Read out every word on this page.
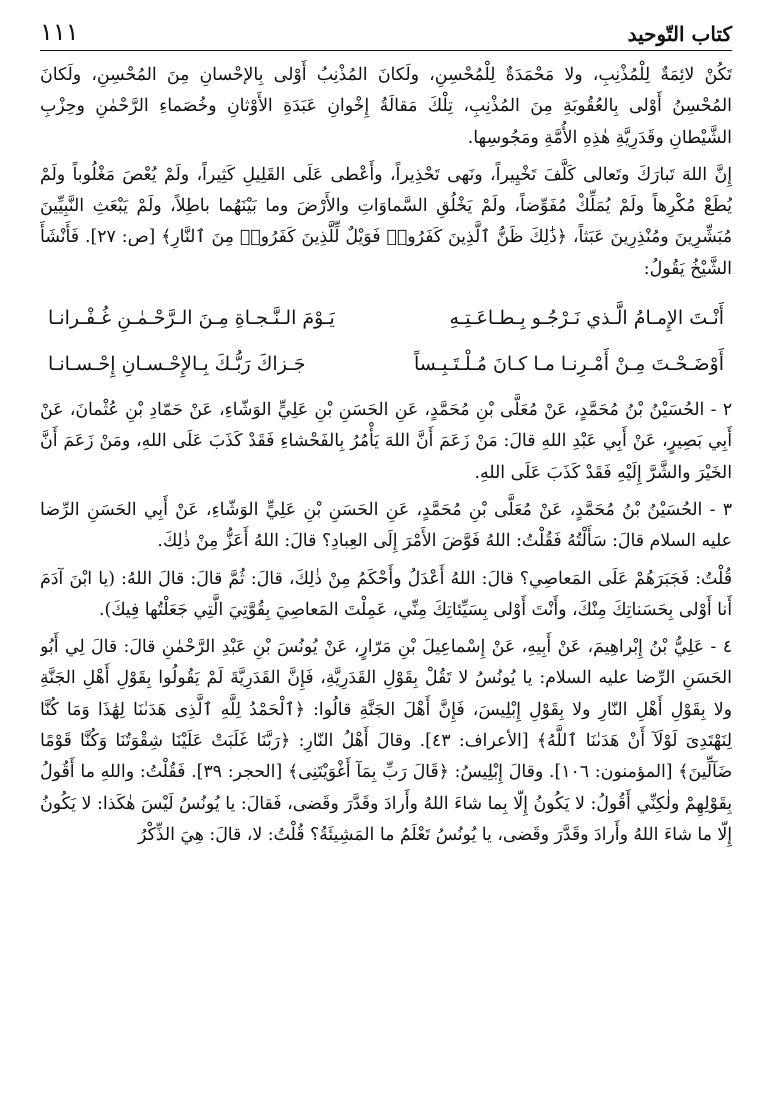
كتاب التّوحيد
١١١

تَكُنْ لائِمَةٌ لِلْمُذْنِبِ، ولا مَحْمَدَةٌ لِلْمُحْسِنِ، ولَكانَ المُذْنِبُ أَوْلى بِالإحْسانِ مِنَ المُحْسِنِ، ولَكانَ المُحْسِنُ أَوْلى بِالعُقُوبَةِ مِنَ المُذْنِبِ، تِلْكَ مَقالَةُ إِخْوانِ عَبَدَةِ الأَوْثانِ وخُصَماءِ الرَّحْمٰنِ وحِزْبِ الشَّيْطانِ وقَدَرِيَّةِ هٰذِهِ الأُمَّةِ ومَجُوسِها.

إِنَّ اللهَ تَبارَكَ وتَعالى كَلَّفَ تَخْيِيراً، ونَهى تَحْذِيراً، وأَعْطى عَلَى القَلِيلِ كَثِيراً، ولَمْ يُعْصَ مَغْلُوباً ولَمْ يُطَعْ مُكْرِهاً ولَمْ يُمَلِّكْ مُفَوِّضاً، ولَمْ يَخْلُقِ السَّماوَاتِ والأَرْضَ وما بَيْنَهُما باطِلاً، ولَمْ يَبْعَثِ النَّبِيِّينَ مُبَشِّرِينَ ومُنْذِرِينَ عَبَثاً، ﴿ذَٰلِكَ ظَنُّ ٱلَّذِينَ كَفَرُوا۟ فَوَيْلٌ لِّلَّذِينَ كَفَرُوا۟ مِنَ ٱلنَّارِ﴾ [ص: ٢٧]. فَأَنْشَأَ الشَّيْخُ يَقُولُ:

أَنْـتَ الإِمـامُ الَّـذي نَـرْجُـو بِـطـاعَـتِـهِ
يَـوْمَ الـنَّـجـاةِ مِـنَ الـرَّحْـمٰـنِ غُـفْـرانـا
أَوْضَـحْـتَ مِـنْ أَمْـرِنـا مـا كـانَ مُـلْـتَـبِـساً
جَـزاكَ رَبُّـكَ بِـالإِحْـسـانِ إِحْـسـانـا

٢ - الحُسَيْنُ بْنُ مُحَمَّدٍ، عَنْ مُعَلَّى بْنِ مُحَمَّدٍ، عَنِ الحَسَنِ بْنِ عَلِيٍّ الوَشّاءِ، عَنْ حَمّادِ بْنِ عُثْمانَ، عَنْ أَبِي بَصِيرٍ، عَنْ أَبِي عَبْدِ اللهِ قالَ: مَنْ زَعَمَ أَنَّ اللهَ يَأْمُرُ بِالفَحْشاءِ فَقَدْ كَذَبَ عَلَى اللهِ، ومَنْ زَعَمَ أَنَّ الخَيْرَ والشَّرَّ إِلَيْهِ فَقَدْ كَذَبَ عَلَى اللهِ.

٣ - الحُسَيْنُ بْنُ مُحَمَّدٍ، عَنْ مُعَلَّى بْنِ مُحَمَّدٍ، عَنِ الحَسَنِ بْنِ عَلِيٍّ الوَشّاءِ، عَنْ أَبِي الحَسَنِ الرِّضا عليه السلام قالَ: سَأَلْتُهُ فَقُلْتُ: اللهُ فَوَّضَ الأَمْرَ إِلَى العِبادِ؟ قالَ: اللهُ أَعَزُّ مِنْ ذٰلِكَ.

قُلْتُ: فَجَبَرَهُمْ عَلَى المَعاصِي؟ قالَ: اللهُ أَعْدَلُ وأَحْكَمُ مِنْ ذٰلِكَ، قالَ: ثُمَّ قالَ: قالَ اللهُ: (يا ابْنَ آدَمَ أَنا أَوْلى بِحَسَناتِكَ مِنْكَ، وأَنْتَ أَوْلى بِسَيِّئاتِكَ مِنِّي، عَمِلْتَ المَعاصِيَ بِقُوَّتِيَ الَّتِي جَعَلْتُها فِيكَ).

٤ - عَلِيُّ بْنُ إِبْراهِيمَ، عَنْ أَبِيهِ، عَنْ إِسْماعِيلَ بْنِ مَرّارٍ، عَنْ يُونُسَ بْنِ عَبْدِ الرَّحْمٰنِ قالَ: قالَ لِي أَبُو الحَسَنِ الرِّضا عليه السلام: يا يُونُسُ لا تَقُلْ بِقَوْلِ القَدَرِيَّةِ، فَإِنَّ القَدَرِيَّةَ لَمْ يَقُولُوا بِقَوْلِ أَهْلِ الجَنَّةِ ولا بِقَوْلِ أَهْلِ النّارِ ولا بِقَوْلِ إِبْلِيسَ، فَإِنَّ أَهْلَ الجَنَّةِ قالُوا: ﴿ٱلْحَمْدُ لِلَّهِ ٱلَّذِى هَدَىٰنَا لِهَٰذَا وَمَا كُنَّا لِنَهْتَدِىَ لَوْلَآ أَنْ هَدَىٰنَا ٱللَّهُ﴾ [الأعراف: ٤٣]. وقالَ أَهْلُ النّارِ: ﴿رَبَّنَا غَلَبَتْ عَلَيْنَا شِقْوَتُنَا وَكُنَّا قَوْمًا ضَآلِّينَ﴾ [المؤمنون: ١٠٦]. وقالَ إِبْلِيسُ: ﴿قَالَ رَبِّ بِمَآ أَغْوَيْتَنِى﴾ [الحجر: ٣٩]. فَقُلْتُ: واللهِ ما أَقُولُ بِقَوْلِهِمْ ولٰكِنِّي أَقُولُ: لا يَكُونُ إِلّا بِما شاءَ اللهُ وأَرادَ وقَدَّرَ وقَضى، فَقالَ: يا يُونُسُ لَيْسَ هٰكَذا: لا يَكُونُ إِلّا ما شاءَ اللهُ وأَرادَ وقَدَّرَ وقَضى، يا يُونُسُ تَعْلَمُ ما المَشِيئَةُ؟ قُلْتُ: لا، قالَ: هِيَ الذِّكْرُ
